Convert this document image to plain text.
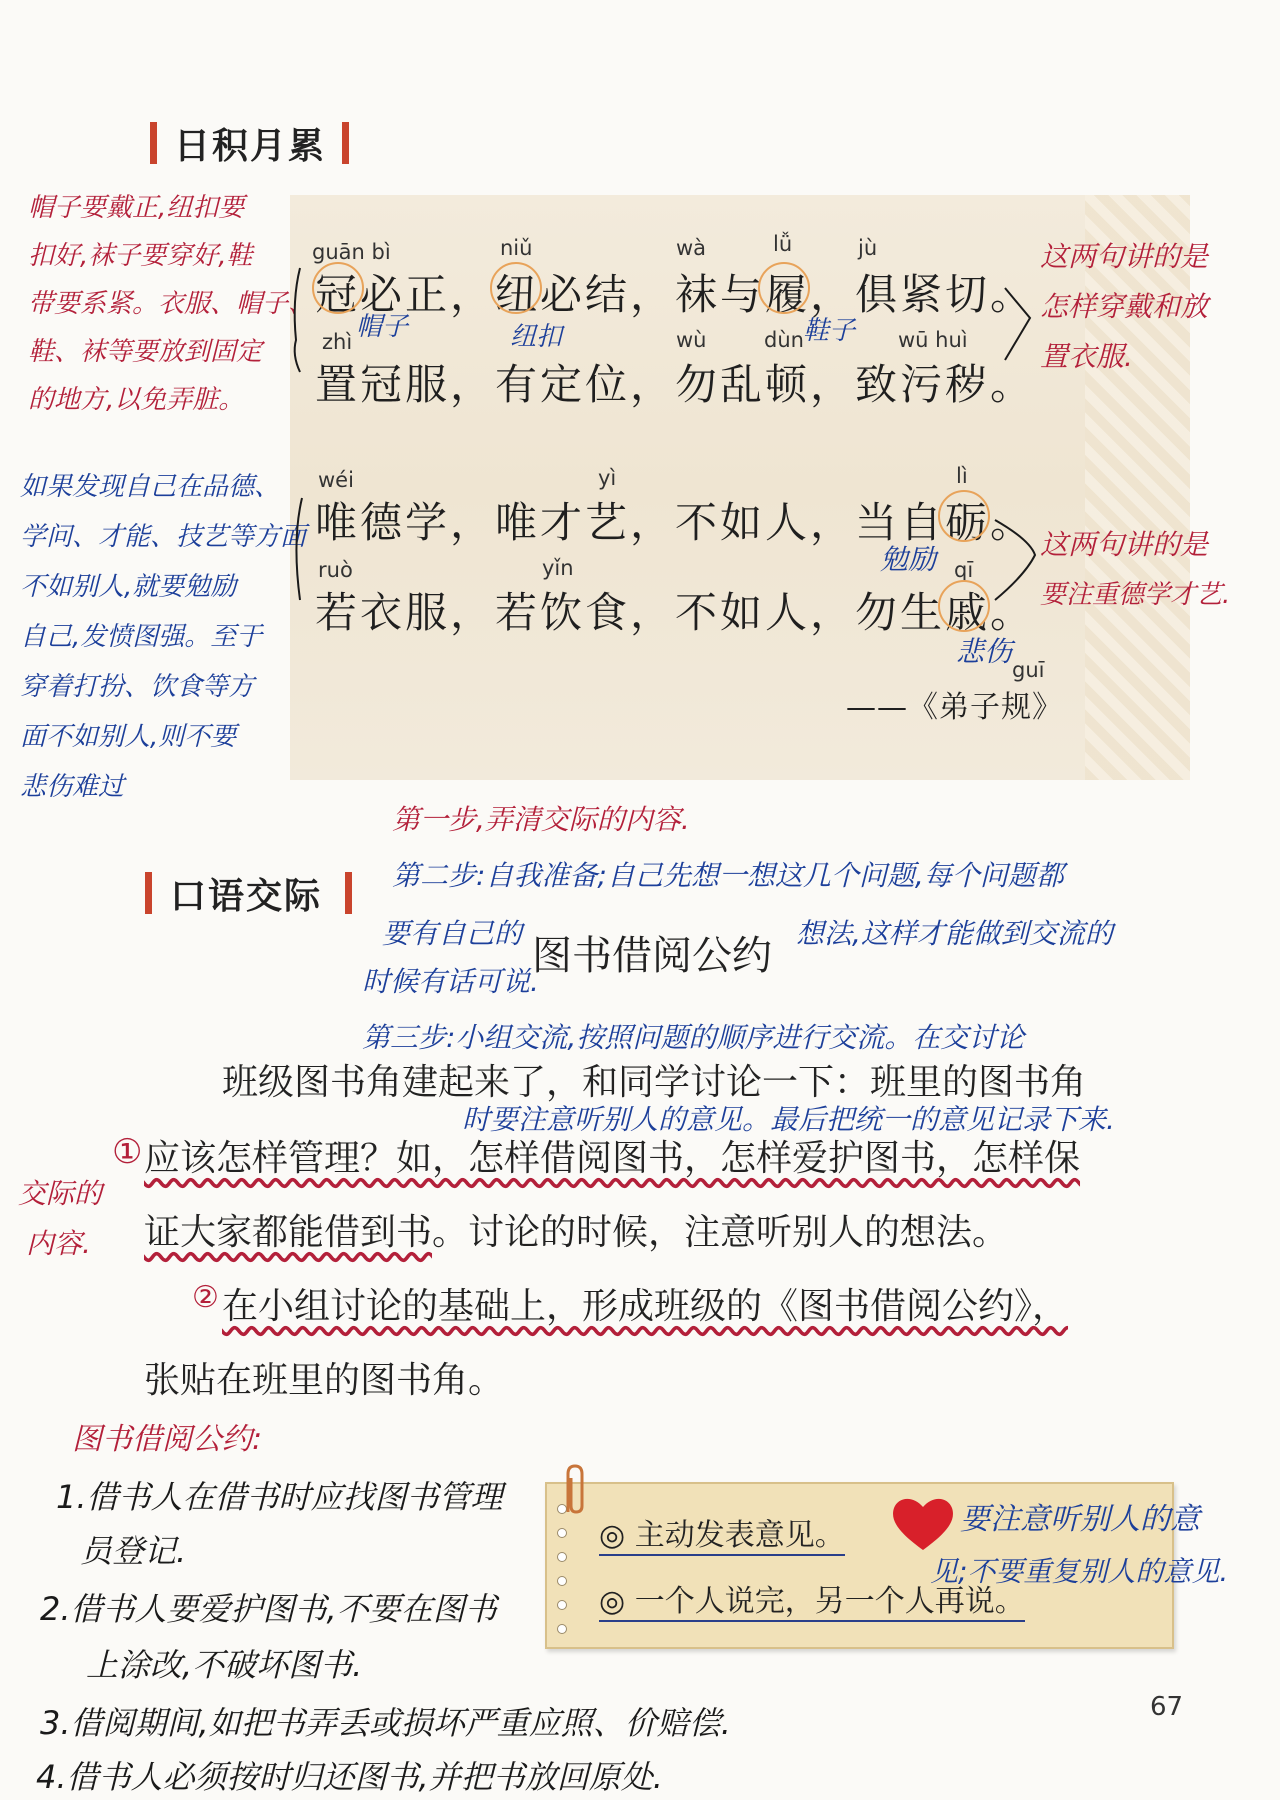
日积月累
guān bì	niǔ	wà	lǚ	jù
冠必正，纽必结，袜与履，俱紧切。
zhì	wù	dùn	wū huì
置冠服，有定位，勿乱顿，致污秽。
wéi	yì	lì
唯德学，唯才艺，不如人，当自砺。
ruò	yǐn	qī
若衣服，若饮食，不如人，勿生戚。
guī
——《弟子规》
帽子	纽扣	鞋子
勉励
悲伤
帽子要戴正,纽扣要
扣好,袜子要穿好,鞋
带要系紧。衣服、帽子、
鞋、袜等要放到固定
的地方,以免弄脏。
如果发现自己在品德、
学问、才能、技艺等方面
不如别人,就要勉励
自己,发愤图强。至于
穿着打扮、饮食等方
面不如别人,则不要
悲伤难过
这两句讲的是
怎样穿戴和放
置衣服.
这两句讲的是
要注重德学才艺.
第一步,弄清交际的内容.
第二步:自我准备;自己先想一想这几个问题,每个问题都
口语交际
要有自己的
时候有话可说.
图书借阅公约 想法,这样才能做到交流的
第三步:小组交流,按照问题的顺序进行交流。在交讨论
班级图书角建起来了，和同学讨论一下：班里的图书角
时要注意听别人的意见。最后把统一的意见记录下来.
① 应该怎样管理？如，怎样借阅图书，怎样爱护图书，怎样保
交际的
内容. 证大家都能借到书。讨论的时候，注意听别人的想法。
② 在小组讨论的基础上，形成班级的《图书借阅公约》，
张贴在班里的图书角。
图书借阅公约:
1.借书人在借书时应找图书管理
员登记.
2.借书人要爱护图书,不要在图书
上涂改,不破坏图书.
3.借阅期间,如把书弄丢或损坏严重应照、价赔偿.
4.借书人必须按时归还图书,并把书放回原处.
◎ 主动发表意见。
◎ 一个人说完，另一个人再说。
要注意听别人的意
见;不要重复别人的意见.
67
